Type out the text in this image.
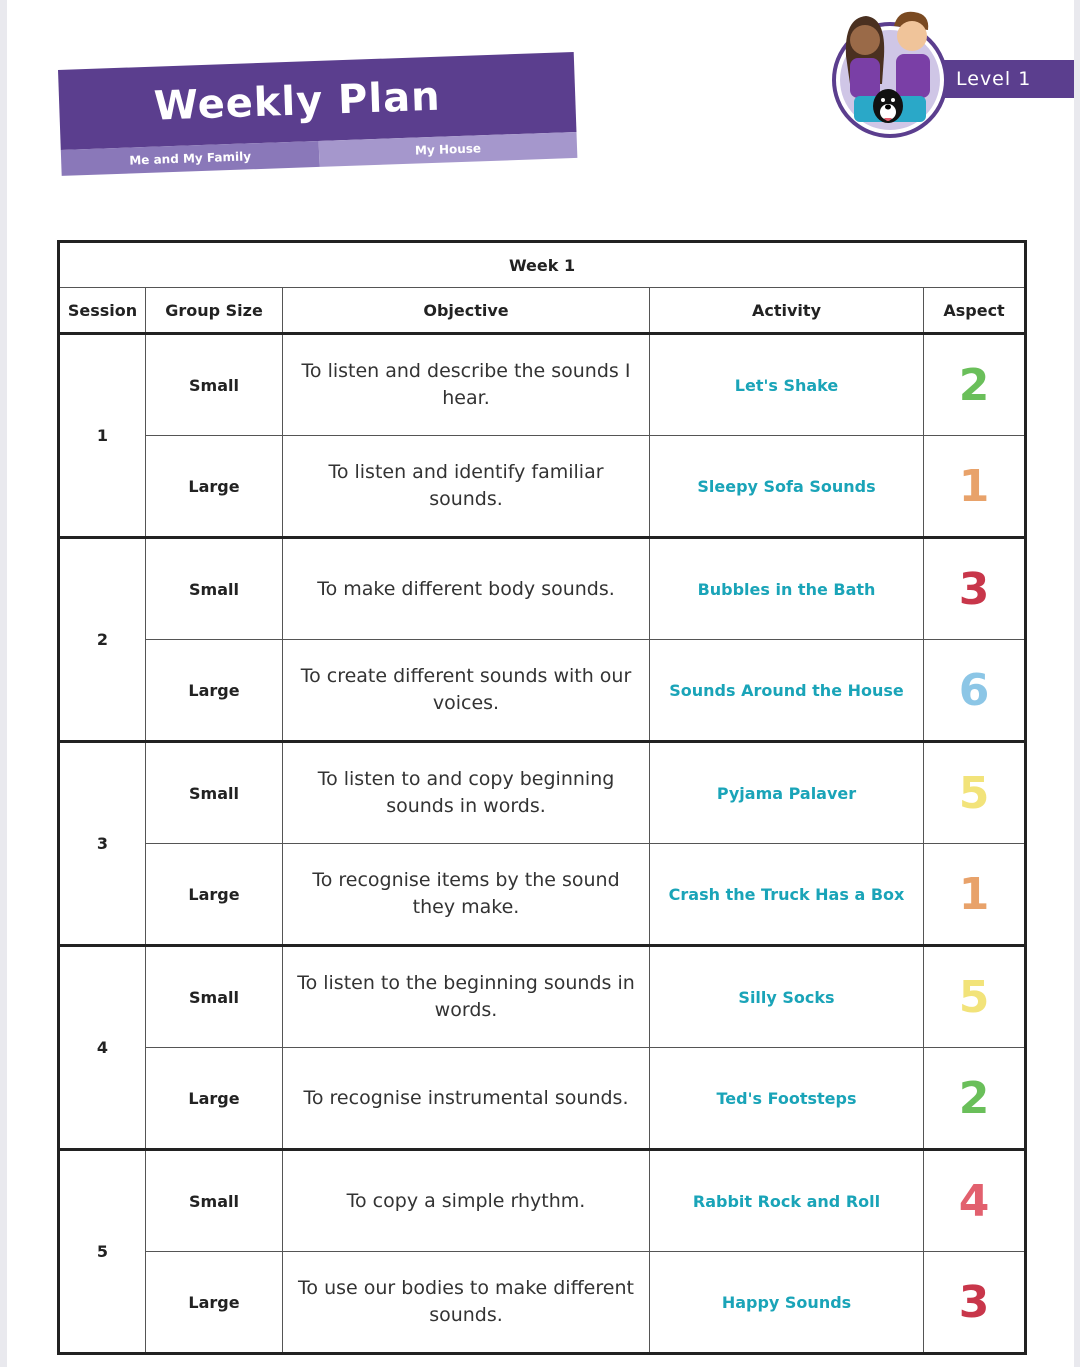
Weekly Plan
Me and My Family	My House
Level 1
Week 1				
Session	Group Size	Objective	Activity	Aspect
1	Small	To listen and describe the sounds I hear.	Let's Shake	2
	Large	To listen and identify familiar sounds.	Sleepy Sofa Sounds	1
2	Small	To make different body sounds.	Bubbles in the Bath	3
	Large	To create different sounds with our voices.	Sounds Around the House	6
3	Small	To listen to and copy beginning sounds in words.	Pyjama Palaver	5
	Large	To recognise items by the sound they make.	Crash the Truck Has a Box	1
4	Small	To listen to the beginning sounds in words.	Silly Socks	5
	Large	To recognise instrumental sounds.	Ted's Footsteps	2
5	Small	To copy a simple rhythm.	Rabbit Rock and Roll	4
	Large	To use our bodies to make different sounds.	Happy Sounds	3
